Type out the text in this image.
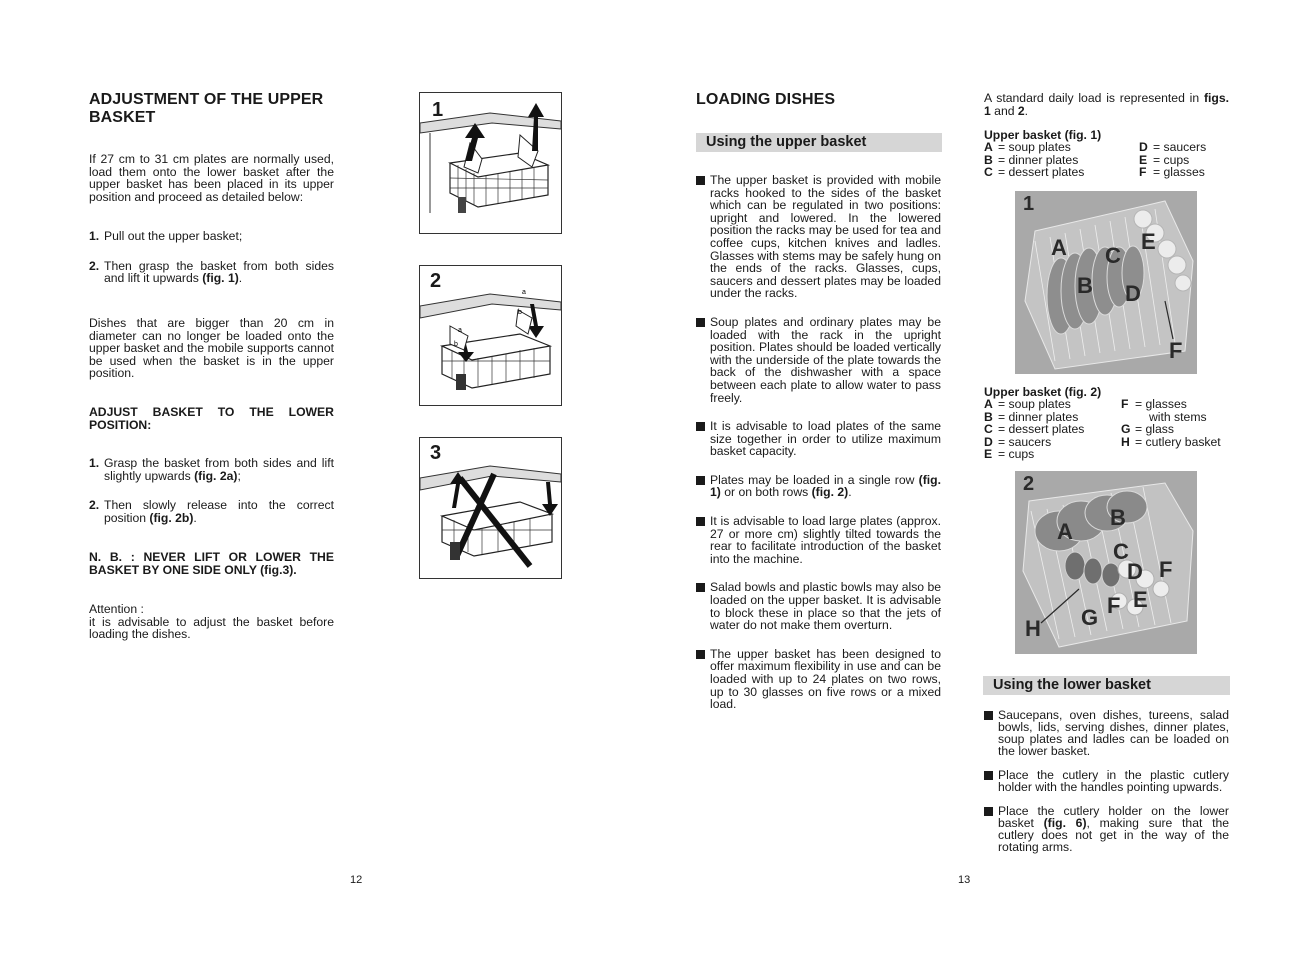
ADJUSTMENT OF THE UPPER BASKET
If 27 cm to 31 cm plates are normally used, load them onto the lower basket after the upper basket has been placed in its upper position and proceed as detailed below:
1. Pull out the upper basket;
2. Then grasp the basket from both sides and lift it upwards (fig. 1).
Dishes that are bigger than 20 cm in diameter can no longer be loaded onto the upper basket and the mobile supports cannot be used when the basket is in the upper position.
ADJUST BASKET TO THE LOWER POSITION:
1. Grasp the basket from both sides and lift slightly upwards (fig. 2a);
2. Then slowly release into the correct position (fig. 2b).
N. B. : NEVER LIFT OR LOWER THE BASKET BY ONE SIDE ONLY (fig.3).
Attention :
it is advisable to adjust the basket before loading the dishes.
12
1
2
a
b
a
b
3
LOADING DISHES
Using the upper basket
The upper basket is provided with mobile racks hooked to the sides of the basket which can be regulated in two positions: upright and lowered. In the lowered position the racks may be used for tea and coffee cups, kitchen knives and ladles. Glasses with stems may be safely hung on the ends of the racks. Glasses, cups, saucers and dessert plates may be loaded under the racks.
Soup plates and ordinary plates may be loaded with the rack in the upright position. Plates should be loaded vertically with the underside of the plate towards the back of the dishwasher with a space between each plate to allow water to pass freely.
It is advisable to load plates of the same size together in order to utilize maximum basket capacity.
Plates may be loaded in a single row (fig. 1) or on both rows (fig. 2).
It is advisable to load large plates (approx. 27 or more cm) slightly tilted towards the rear to facilitate introduction of the basket into the machine.
Salad bowls and plastic bowls may also be loaded on the upper basket. It is advisable to block these in place so that the jets of water do not make them overturn.
The upper basket has been designed to offer maximum flexibility in use and can be loaded with up to 24 plates on two rows, up to 30 glasses on five rows or a mixed load.
13
A standard daily load is represented in figs. 1 and 2.
Upper basket (fig. 1)
A = soup plates
B = dinner plates
C = dessert plates
D = saucers
E = cups
F = glasses
1
A C
E
B D
F
Upper basket (fig. 2)
A = soup plates
B = dinner plates
C = dessert plates
D = saucers
E = cups
F = glasses
with stems
G = glass
H = cutlery basket
2
A
B
C
D F
F E
G
H
Using the lower basket
Saucepans, oven dishes, tureens, salad bowls, lids, serving dishes, dinner plates, soup plates and ladles can be loaded on the lower basket.
Place the cutlery in the plastic cutlery holder with the handles pointing upwards.
Place the cutlery holder on the lower basket (fig. 6), making sure that the cutlery does not get in the way of the rotating arms.
